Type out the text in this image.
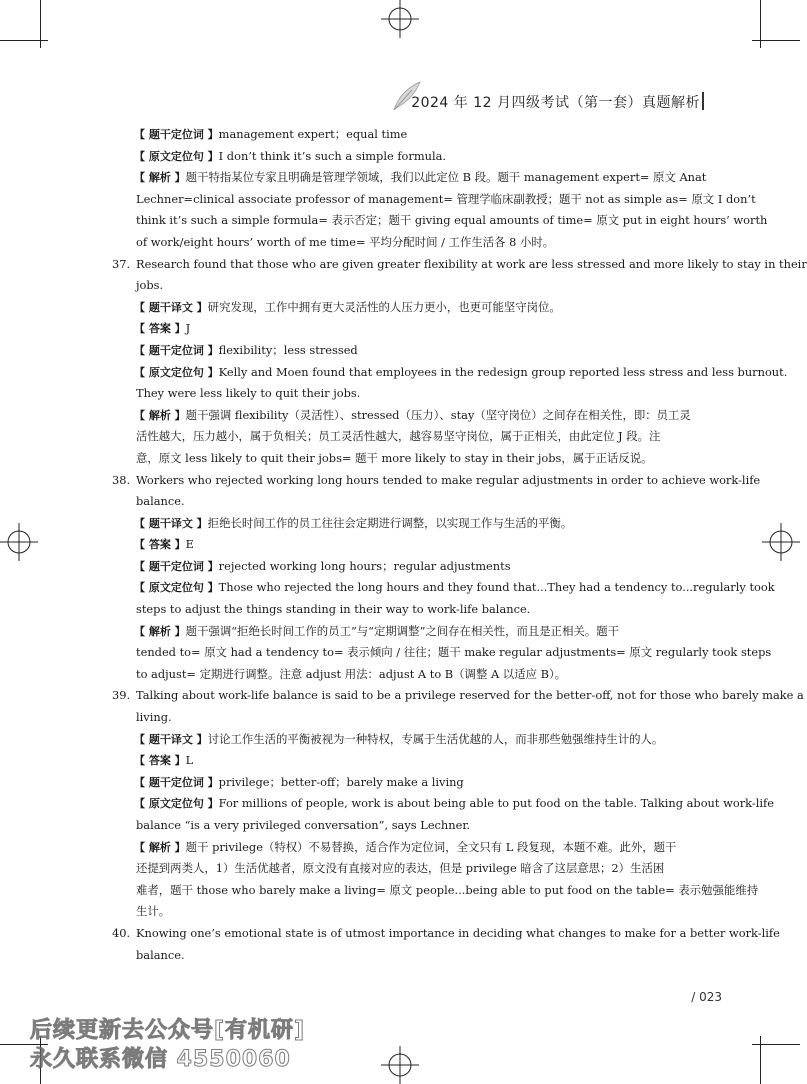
2024 年 12 月四级考试（第一套）真题解析
【 题干定位词 】management expert；equal time
【 原文定位句 】I don’t think it’s such a simple formula.
【 解析 】题干特指某位专家且明确是管理学领域，我们以此定位 B 段。题干 management expert= 原文 Anat
Lechner=clinical associate professor of management= 管理学临床副教授；题干 not as simple as= 原文 I don’t
think it’s such a simple formula= 表示否定；题干 giving equal amounts of time= 原文 put in eight hours’ worth
of work/eight hours’ worth of me time= 平均分配时间 / 工作生活各 8 小时。
37. Research found that those who are given greater flexibility at work are less stressed and more likely to stay in their
jobs.
【 题干译文 】研究发现，工作中拥有更大灵活性的人压力更小，也更可能坚守岗位。
【 答案 】J
【 题干定位词 】flexibility；less stressed
【 原文定位句 】Kelly and Moen found that employees in the redesign group reported less stress and less burnout.
They were less likely to quit their jobs.
【 解析 】题干强调 flexibility（灵活性）、stressed（压力）、stay（坚守岗位）之间存在相关性，即：员工灵
活性越大，压力越小，属于负相关；员工灵活性越大，越容易坚守岗位，属于正相关，由此定位 J 段。注
意，原文 less likely to quit their jobs= 题干 more likely to stay in their jobs，属于正话反说。
38. Workers who rejected working long hours tended to make regular adjustments in order to achieve work-life
balance.
【 题干译文 】拒绝长时间工作的员工往往会定期进行调整，以实现工作与生活的平衡。
【 答案 】E
【 题干定位词 】rejected working long hours；regular adjustments
【 原文定位句 】Those who rejected the long hours and they found that...They had a tendency to...regularly took
steps to adjust the things standing in their way to work-life balance.
【 解析 】题干强调“拒绝长时间工作的员工”与“定期调整”之间存在相关性，而且是正相关。题干
tended to= 原文 had a tendency to= 表示倾向 / 往往；题干 make regular adjustments= 原文 regularly took steps
to adjust= 定期进行调整。注意 adjust 用法：adjust A to B（调整 A 以适应 B）。
39. Talking about work-life balance is said to be a privilege reserved for the better-off, not for those who barely make a
living.
【 题干译文 】讨论工作生活的平衡被视为一种特权，专属于生活优越的人，而非那些勉强维持生计的人。
【 答案 】L
【 题干定位词 】privilege；better-off；barely make a living
【 原文定位句 】For millions of people, work is about being able to put food on the table. Talking about work-life
balance “is a very privileged conversation”, says Lechner.
【 解析 】题干 privilege（特权）不易替换，适合作为定位词，全文只有 L 段复现，本题不难。此外，题干
还提到两类人，1）生活优越者，原文没有直接对应的表达，但是 privilege 暗含了这层意思；2）生活困
难者，题干 those who barely make a living= 原文 people...being able to put food on the table= 表示勉强能维持
生计。
40. Knowing one’s emotional state is of utmost importance in deciding what changes to make for a better work-life
balance.
/ 023
后续更新去公众号[有机研]
永久联系微信 4550060
